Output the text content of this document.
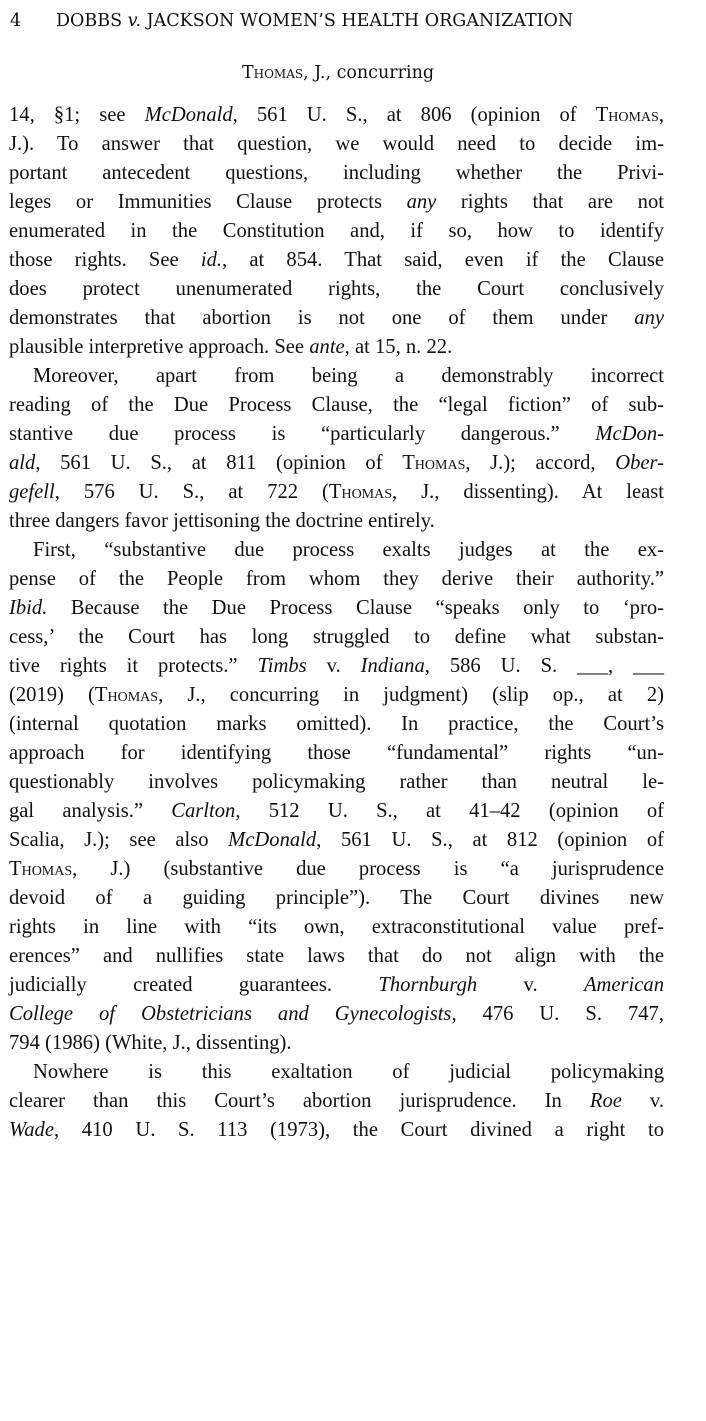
4 DOBBS v. JACKSON WOMEN’S HEALTH ORGANIZATION
Thomas, J., concurring

14, §1; see McDonald, 561 U. S., at 806 (opinion of Thomas,
J.). To answer that question, we would need to decide im-
portant antecedent questions, including whether the Privi-
leges or Immunities Clause protects any rights that are not
enumerated in the Constitution and, if so, how to identify
those rights. See id., at 854. That said, even if the Clause
does protect unenumerated rights, the Court conclusively
demonstrates that abortion is not one of them under any
plausible interpretive approach. See ante, at 15, n. 22.

Moreover, apart from being a demonstrably incorrect
reading of the Due Process Clause, the “legal fiction” of sub-
stantive due process is “particularly dangerous.” McDon-
ald, 561 U. S., at 811 (opinion of Thomas, J.); accord, Ober-
gefell, 576 U. S., at 722 (Thomas, J., dissenting). At least
three dangers favor jettisoning the doctrine entirely.

First, “substantive due process exalts judges at the ex-
pense of the People from whom they derive their authority.”
Ibid. Because the Due Process Clause “speaks only to ‘pro-
cess,’ the Court has long struggled to define what substan-
tive rights it protects.” Timbs v. Indiana, 586 U. S. ___, ___
(2019) (Thomas, J., concurring in judgment) (slip op., at 2)
(internal quotation marks omitted). In practice, the Court’s
approach for identifying those “fundamental” rights “un-
questionably involves policymaking rather than neutral le-
gal analysis.” Carlton, 512 U. S., at 41–42 (opinion of
Scalia, J.); see also McDonald, 561 U. S., at 812 (opinion of
Thomas, J.) (substantive due process is “a jurisprudence
devoid of a guiding principle”). The Court divines new
rights in line with “its own, extraconstitutional value pref-
erences” and nullifies state laws that do not align with the
judicially created guarantees. Thornburgh v. American
College of Obstetricians and Gynecologists, 476 U. S. 747,
794 (1986) (White, J., dissenting).

Nowhere is this exaltation of judicial policymaking
clearer than this Court’s abortion jurisprudence. In Roe v.
Wade, 410 U. S. 113 (1973), the Court divined a right to
